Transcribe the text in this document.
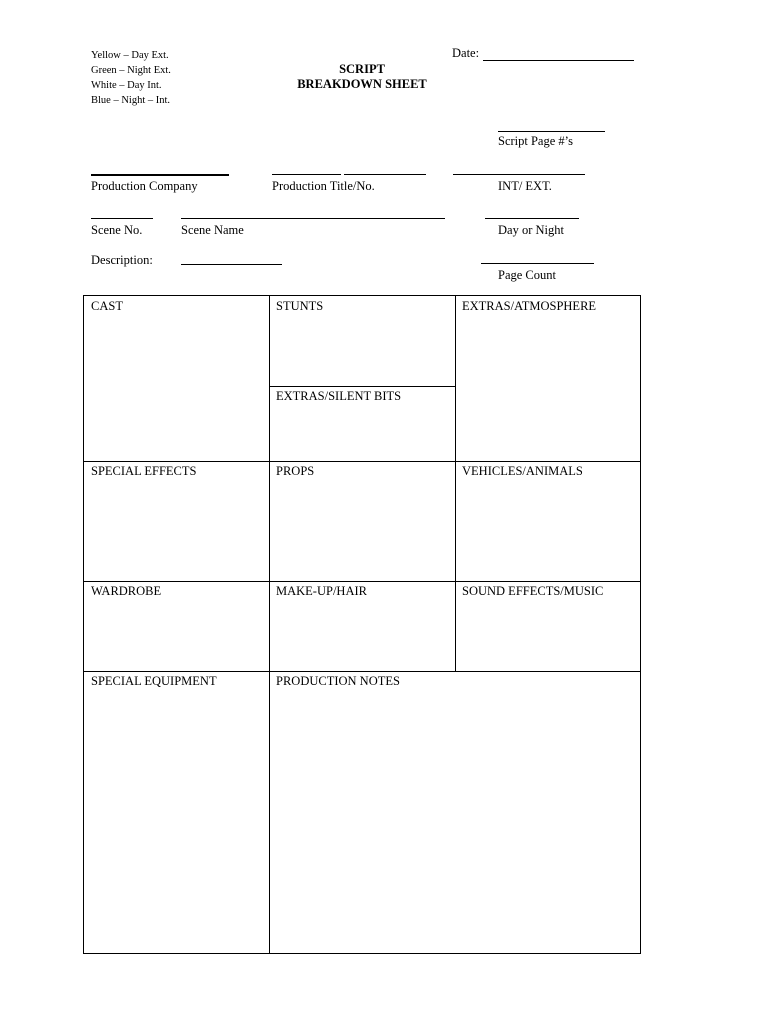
Yellow – Day Ext.
Green – Night Ext.
White – Day Int.
Blue – Night – Int.
SCRIPT
BREAKDOWN SHEET
Date:
Script Page #’s
Production Company	Production Title/No.	INT/ EXT.
Scene No.	Scene Name	Day or Night
Description:
Page Count
CAST	STUNTS	EXTRAS/ATMOSPHERE
EXTRAS/SILENT BITS
SPECIAL EFFECTS	PROPS	VEHICLES/ANIMALS
WARDROBE	MAKE-UP/HAIR	SOUND EFFECTS/MUSIC
SPECIAL EQUIPMENT	PRODUCTION NOTES
